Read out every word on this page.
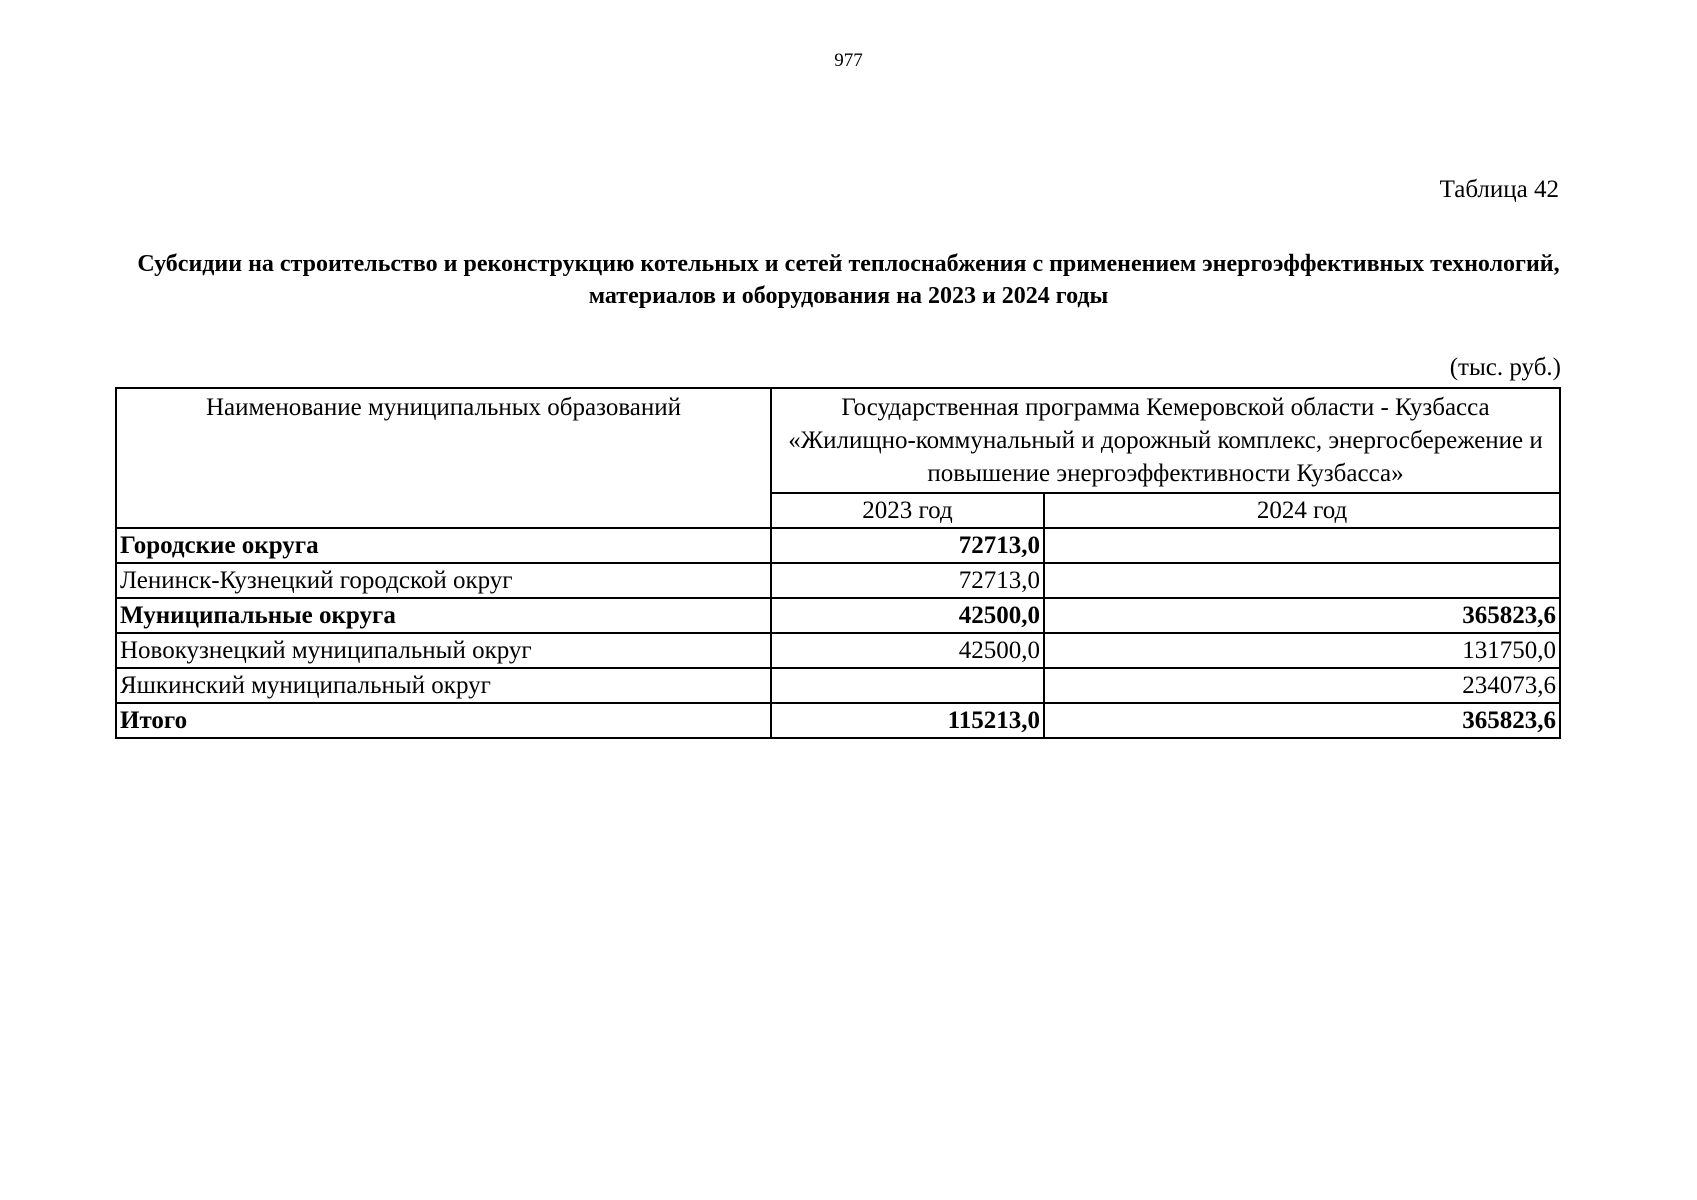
977
Таблица 42
Субсидии на строительство и реконструкцию котельных и сетей теплоснабжения с применением энергоэффективных технологий, материалов и оборудования на 2023 и 2024 годы
(тыс. руб.)
Наименование муниципальных образований	Государственная программа Кемеровской области - Кузбасса «Жилищно-коммунальный и дорожный комплекс, энергосбережение и повышение энергоэффективности Кузбасса»	
	2023 год	2024 год
Городские округа	72713,0	
Ленинск-Кузнецкий городской округ	72713,0	
Муниципальные округа	42500,0	365823,6
Новокузнецкий муниципальный округ	42500,0	131750,0
Яшкинский муниципальный округ		234073,6
Итого	115213,0	365823,6
